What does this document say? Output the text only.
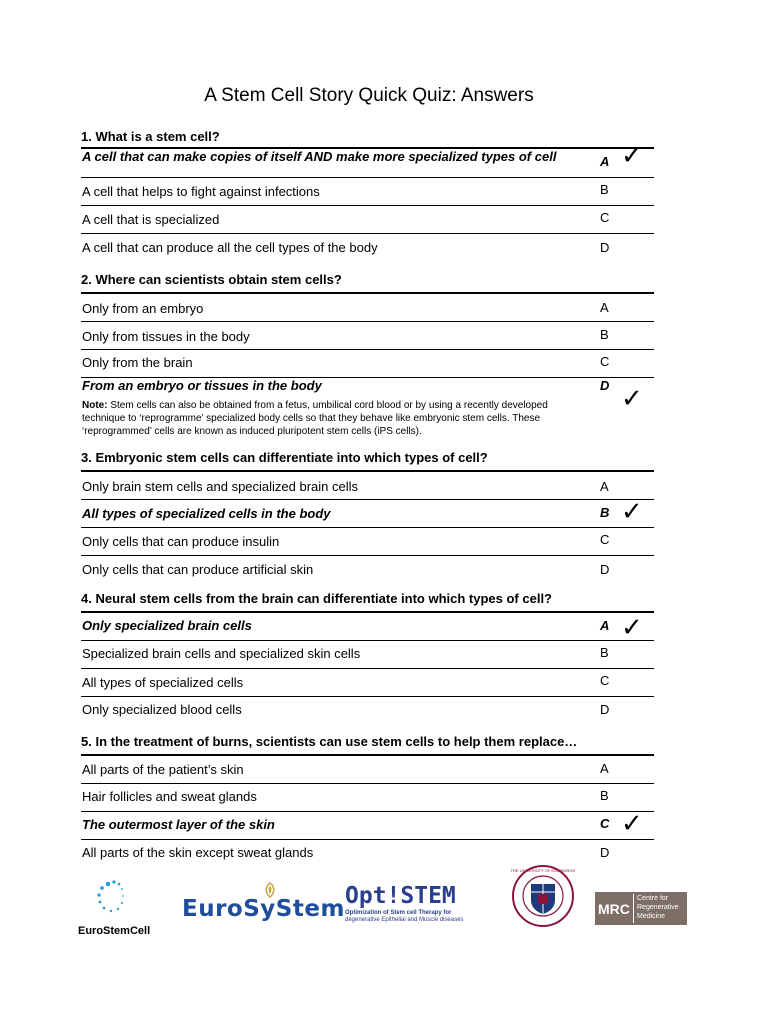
A Stem Cell Story Quick Quiz: Answers
1. What is a stem cell?
A cell that can make copies of itself AND make more specialized types of cell	A ✓
A cell that helps to fight against infections	B
A cell that is specialized	C
A cell that can produce all the cell types of the body	D
2. Where can scientists obtain stem cells?
Only from an embryo	A
Only from tissues in the body	B
Only from the brain	C
From an embryo or tissues in the body	D ✓
Note: Stem cells can also be obtained from a fetus, umbilical cord blood or by using a recently developed technique to ‘reprogramme’ specialized body cells so that they behave like embryonic stem cells. These ‘reprogrammed’ cells are known as induced pluripotent stem cells (iPS cells).
3. Embryonic stem cells can differentiate into which types of cell?
Only brain stem cells and specialized brain cells	A
All types of specialized cells in the body	B ✓
Only cells that can produce insulin	C
Only cells that can produce artificial skin	D
4. Neural stem cells from the brain can differentiate into which types of cell?
Only specialized brain cells	A ✓
Specialized brain cells and specialized skin cells	B
All types of specialized cells	C
Only specialized blood cells	D
5. In the treatment of burns, scientists can use stem cells to help them replace…
All parts of the patient’s skin	A
Hair follicles and sweat glands	B
The outermost layer of the skin	C ✓
All parts of the skin except sweat glands	D
EuroStemCell
EuroSyStem Opt!STEM
Optimization of Stem cell Therapy for
degenerative Epithelial and Muscle diseases
THE UNIVERSITY OF EDINBURGH
MRC
Centre for
Regenerative
Medicine
